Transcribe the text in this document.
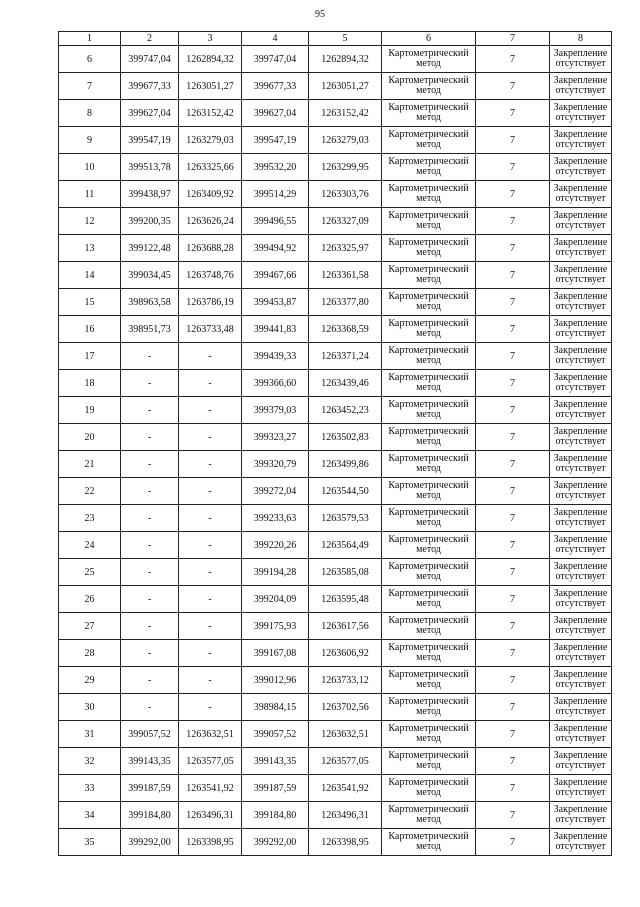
95
1	2	3	4	5	6	7	8
6	399747,04	1262894,32	399747,04	1262894,32	Картометрический
метод	7	Закрепление
отсутствует

7	399677,33	1263051,27	399677,33	1263051,27	Картометрический
метод	7	Закрепление
отсутствует

8	399627,04	1263152,42	399627,04	1263152,42	Картометрический
метод	7	Закрепление
отсутствует

9	399547,19	1263279,03	399547,19	1263279,03	Картометрический
метод	7	Закрепление
отсутствует

10	399513,78	1263325,66	399532,20	1263299,95	Картометрический
метод	7	Закрепление
отсутствует

11	399438,97	1263409,92	399514,29	1263303,76	Картометрический
метод	7	Закрепление
отсутствует

12	399200,35	1263626,24	399496,55	1263327,09	Картометрический
метод	7	Закрепление
отсутствует

13	399122,48	1263688,28	399494,92	1263325,97	Картометрический
метод	7	Закрепление
отсутствует

14	399034,45	1263748,76	399467,66	1263361,58	Картометрический
метод	7	Закрепление
отсутствует

15	398963,58	1263786,19	399453,87	1263377,80	Картометрический
метод	7	Закрепление
отсутствует

16	398951,73	1263733,48	399441,83	1263368,59	Картометрический
метод	7	Закрепление
отсутствует

17	-	-	399439,33	1263371,24	Картометрический
метод	7	Закрепление
отсутствует

18	-	-	399366,60	1263439,46	Картометрический
метод	7	Закрепление
отсутствует

19	-	-	399379,03	1263452,23	Картометрический
метод	7	Закрепление
отсутствует

20	-	-	399323,27	1263502,83	Картометрический
метод	7	Закрепление
отсутствует

21	-	-	399320,79	1263499,86	Картометрический
метод	7	Закрепление
отсутствует

22	-	-	399272,04	1263544,50	Картометрический
метод	7	Закрепление
отсутствует

23	-	-	399233,63	1263579,53	Картометрический
метод	7	Закрепление
отсутствует

24	-	-	399220,26	1263564,49	Картометрический
метод	7	Закрепление
отсутствует

25	-	-	399194,28	1263585,08	Картометрический
метод	7	Закрепление
отсутствует

26	-	-	399204,09	1263595,48	Картометрический
метод	7	Закрепление
отсутствует

27	-	-	399175,93	1263617,56	Картометрический
метод	7	Закрепление
отсутствует

28	-	-	399167,08	1263606,92	Картометрический
метод	7	Закрепление
отсутствует

29	-	-	399012,96	1263733,12	Картометрический
метод	7	Закрепление
отсутствует

30	-	-	398984,15	1263702,56	Картометрический
метод	7	Закрепление
отсутствует

31	399057,52	1263632,51	399057,52	1263632,51	Картометрический
метод	7	Закрепление
отсутствует

32	399143,35	1263577,05	399143,35	1263577,05	Картометрический
метод	7	Закрепление
отсутствует

33	399187,59	1263541,92	399187,59	1263541,92	Картометрический
метод	7	Закрепление
отсутствует

34	399184,80	1263496,31	399184,80	1263496,31	Картометрический
метод	7	Закрепление
отсутствует

35	399292,00	1263398,95	399292,00	1263398,95	Картометрический
метод	7	Закрепление
отсутствует
